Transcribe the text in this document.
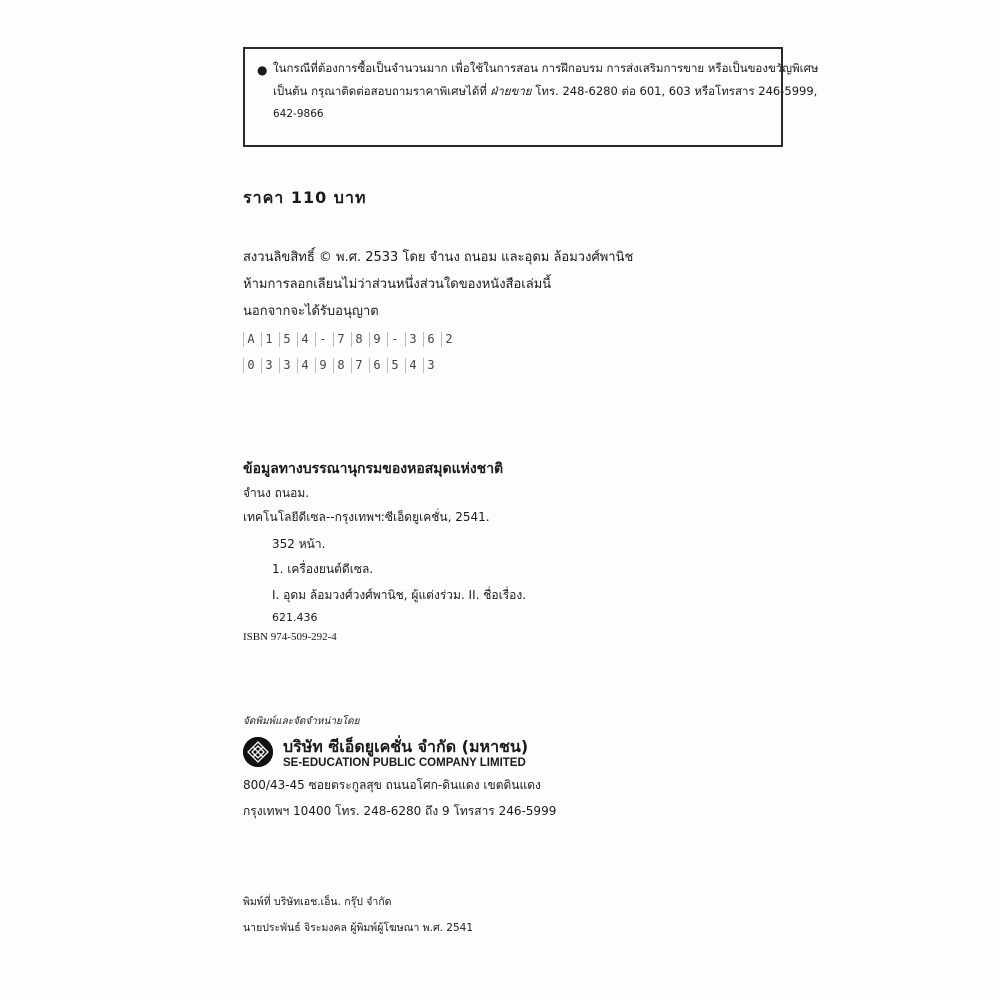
● ในกรณีที่ต้องการซื้อเป็นจำนวนมาก เพื่อใช้ในการสอน การฝึกอบรม การส่งเสริมการขาย หรือเป็นของขวัญพิเศษ
เป็นต้น กรุณาติดต่อสอบถามราคาพิเศษได้ที่ ฝ่ายขาย โทร. 248-6280 ต่อ 601, 603 หรือโทรสาร 246-5999,
642-9866
ราคา 110 บาท
สงวนลิขสิทธิ์ © พ.ศ. 2533 โดย จำนง ถนอม และอุดม ล้อมวงศ์พานิช
ห้ามการลอกเลียนไม่ว่าส่วนหนึ่งส่วนใดของหนังสือเล่มนี้
นอกจากจะได้รับอนุญาต
A 1 5 4 - 7 8 9 - 3 6 2
0 3 3 4 9 8 7 6 5 4 3
ข้อมูลทางบรรณานุกรมของหอสมุดแห่งชาติ
จำนง ถนอม.
เทคโนโลยีดีเซล--กรุงเทพฯ:ซีเอ็ดยูเคชั่น, 2541.
352 หน้า.
1. เครื่องยนต์ดีเซล.
I. อุดม ล้อมวงศ์วงศ์พานิช, ผู้แต่งร่วม. II. ชื่อเรื่อง.
621.436
ISBN 974-509-292-4
จัดพิมพ์และจัดจำหน่ายโดย
บริษัท ซีเอ็ดยูเคชั่น จำกัด (มหาชน)
SE-EDUCATION PUBLIC COMPANY LIMITED
800/43-45 ซอยตระกูลสุข ถนนอโศก-ดินแดง เขตดินแดง
กรุงเทพฯ 10400 โทร. 248-6280 ถึง 9 โทรสาร 246-5999
พิมพ์ที่ บริษัทเอช.เอ็น. กรุ๊ป จำกัด
นายประพันธ์ จิระมงคล ผู้พิมพ์ผู้โฆษณา พ.ศ. 2541
